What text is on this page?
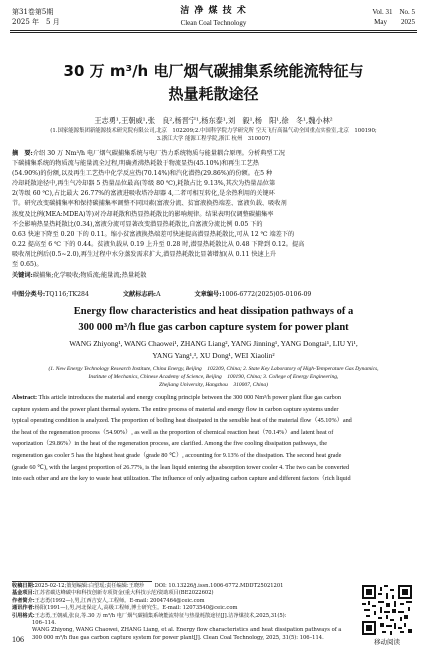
第31卷第5期
2025 年　5 月
洁 净 煤 技 术
Clean Coal Technology
Vol. 31　No. 5
May　　2025
30 万 m³/h 电厂烟气碳捕集系统能流特征与
热量耗散途径
王志勇¹,王朝威¹,张　良²,杨晋宁¹,杨东泰¹,刘　毅¹,杨　阳¹,徐　冬¹,魏小林²
(1.国家能源集团新能源技术研究院有限公司,北京　102209;2.中国科学院力学研究所 空天飞行高温气动全国重点实验室,北京　100190;
3.浙江大学 能源工程学院,浙江 杭州　310007)
摘　要:介绍 30 万 Nm³/h 电厂烟气碳捕集系统与电厂热力系统物质与能量耦合原理。分析典型工况
下碳捕集系统的物质流与能量流全过程,明确煮沸热耗散于物流显热(45.10%)和再生工艺热
(54.90%)的份额,以及再生工艺热中化学反应热(70.14%)和汽化潜热(29.86%)的份额。在5 种
冷却耗散途径中,再生气冷却器 5 热量品位最高(等级 80 ℃),耗散占比 9.13%,其次为热量品位第
2(等级 60 ℃),占比最大 26.77%的富液进吸收塔冷却器 4,二者可相互转化,是余热利用的关键环
节。研究改变碳捕集率和保持碳捕集率调整不同因素(富液分流、贫富液换热端差、富液负载、吸收剂
浓度及比例(MEA:MDEA)等)对冷却耗散和热显热耗散比的影响规律。结果表明仅调整碳捕集率
不会影响热显热耗散比(0.34),富液分流可显著改变潜显热耗散比,自富液分流比例 0.05 下的
0.63 快速下降至 0.20 下的 0.11。缩小贫富液换热端差可快速提高潜显热耗散比,可从 12 ℃ 端差下的
0.22 提高至 6 ℃ 下的 0.44。贫液负载从 0.19 上升至 0.28 时,潜显热耗散比从 0.48 下降到 0.12。提高
吸收剂比例后(0.5~2.0),再生过程中水分蒸发需求扩大,潜显热耗散比显著增加(从 0.11 快速上升
至 0.65)。
关键词:碳捕集;化学吸收;物质流;能量流;热量耗散
中图分类号:TQ116;TK284	文献标志码:A	文章编号:1006-6772(2025)05-0106-09
Energy flow characteristics and heat dissipation pathways of a
300 000 m³/h flue gas carbon capture system for power plant
WANG Zhiyong¹, WANG Chaowei¹, ZHANG Liang², YANG Jinning¹, YANG Dongtai¹, LIU Yi¹,
YANG Yang¹,³, XU Dong¹, WEI Xiaolin²
(1. New Energy Technology Research Institute, China Energy, Beijing　102209, China; 2. State Key Laboratory of High-Temperature Gas Dynamics,
Institute of Mechanics, Chinese Academy of Science, Beijing　100190, China; 3. College of Energy Engineering,
Zhejiang University, Hangzhou　310007, China)
Abstract: This article introduces the material and energy coupling principle between the 300 000 Nm³/h power plant flue gas carbon
capture system and the power plant thermal system. The entire process of material and energy flow in carbon capture systems under
typical operating condition is analyzed. The proportion of boiling heat dissipated in the sensible heat of the material flow（45.10%）and
the heat of the regeneration process（54.90%）, as well as the proportion of chemical reaction heat（70.14%）and latent heat of
vaporization（29.86%）in the heat of the regeneration process, are clarified. Among the five cooling dissipation pathways, the
regeneration gas cooler 5 has the highest heat grade（grade 80 ℃）, accounting for 9.13% of the dissipation. The second heat grade
(grade 60 ℃), with the largest proportion of 26.77%, is the lean liquid entering the absorption tower cooler 4. The two can be converted
into each other and are the key to waste heat utilization. The influence of only adjusting carbon capture and different factors（rich liquid
收稿日期:2025-02-12;策划编辑:白望瑶;责任编辑:王晓珍　　DOI: 10.13226/j.issn.1006-6772.MDDT25021201
基金项目:江苏省碳达峰碳中和科技创新专项资金(重大科技示范)资助项目(BE2022602)
作者简介:王志勇(1992—),男,江西吉安人,工程师。E-mail: 20047464@ceic.com
通讯作者:杨阳(1991—),男,河北保定人,高级工程师,博士研究生。E-mail: 12073540@ceic.com
引用格式:王志勇,王朝威,张良,等.30 万 m³/h 电厂烟气碳捕集系统能流特征与热量耗散途径[J].洁净煤技术,2025,31(5):
106–114.
WANG Zhiyong, WANG Chaowei, ZHANG Liang, et al. Energy flow characteristics and heat dissipation pathways of a
300 000 m³/h flue gas carbon capture system for power plant[J]. Clean Coal Technology, 2025, 31(5): 106–114.
移动阅读
106
